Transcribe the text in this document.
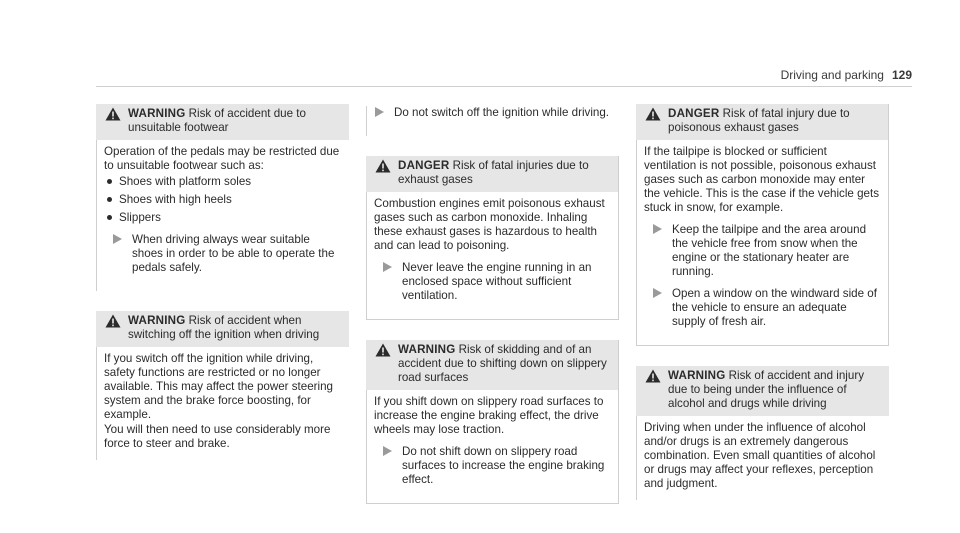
Driving and parking 129
WARNING Risk of accident due to unsuitable footwear

Operation of the pedals may be restricted due to unsuitable footwear such as:

Shoes with platform soles
Shoes with high heels
Slippers
When driving always wear suitable shoes in order to be able to operate the pedals safely.
WARNING Risk of accident when switching off the ignition when driving

If you switch off the ignition while driving, safety functions are restricted or no longer available. This may affect the power steering system and the brake force boosting, for example.

You will then need to use considerably more force to steer and brake.

Do not switch off the ignition while driving.
DANGER Risk of fatal injuries due to exhaust gases

Combustion engines emit poisonous exhaust gases such as carbon monoxide. Inhaling these exhaust gases is hazardous to health and can lead to poisoning.

Never leave the engine running in an enclosed space without sufficient ventilation.
WARNING Risk of skidding and of an accident due to shifting down on slippery road surfaces

If you shift down on slippery road surfaces to increase the engine braking effect, the drive wheels may lose traction.

Do not shift down on slippery road surfaces to increase the engine braking effect.
DANGER Risk of fatal injury due to poisonous exhaust gases

If the tailpipe is blocked or sufficient ventilation is not possible, poisonous exhaust gases such as carbon monoxide may enter the vehicle. This is the case if the vehicle gets stuck in snow, for example.

Keep the tailpipe and the area around the vehicle free from snow when the engine or the stationary heater are running.
Open a window on the windward side of the vehicle to ensure an adequate supply of fresh air.
WARNING Risk of accident and injury due to being under the influence of alcohol and drugs while driving

Driving when under the influence of alcohol and/or drugs is an extremely dangerous combination. Even small quantities of alcohol or drugs may affect your reflexes, perception and judgment.
